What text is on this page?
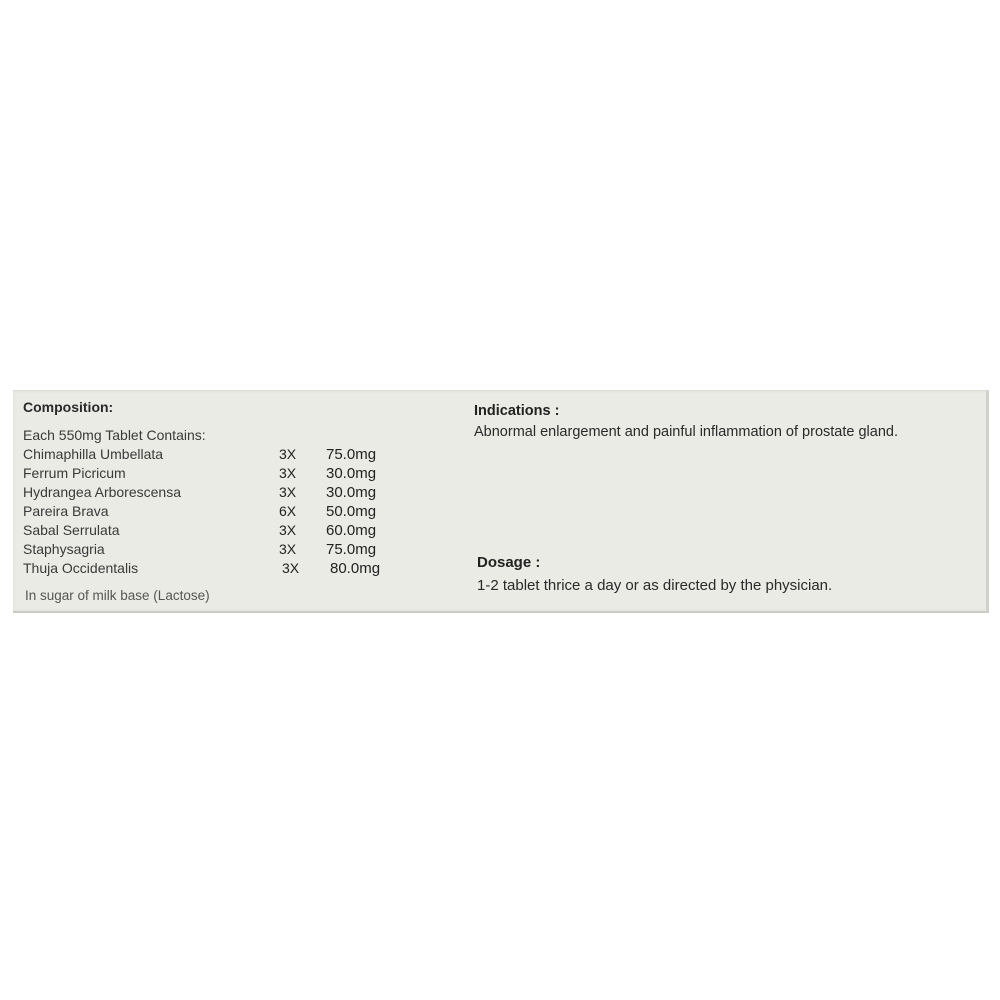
Composition:
Each 550mg Tablet Contains:
Chimaphilla Umbellata	3X 75.0mg
Ferrum Picricum	3X 30.0mg
Hydrangea Arborescensa	3X 30.0mg
Pareira Brava	6X 50.0mg
Sabal Serrulata	3X 60.0mg
Staphysagria	3X 75.0mg
Thuja Occidentalis	3X 80.0mg
In sugar of milk base (Lactose)
Indications :
Abnormal enlargement and painful inflammation of prostate gland.
Dosage :
1-2 tablet thrice a day or as directed by the physician.
